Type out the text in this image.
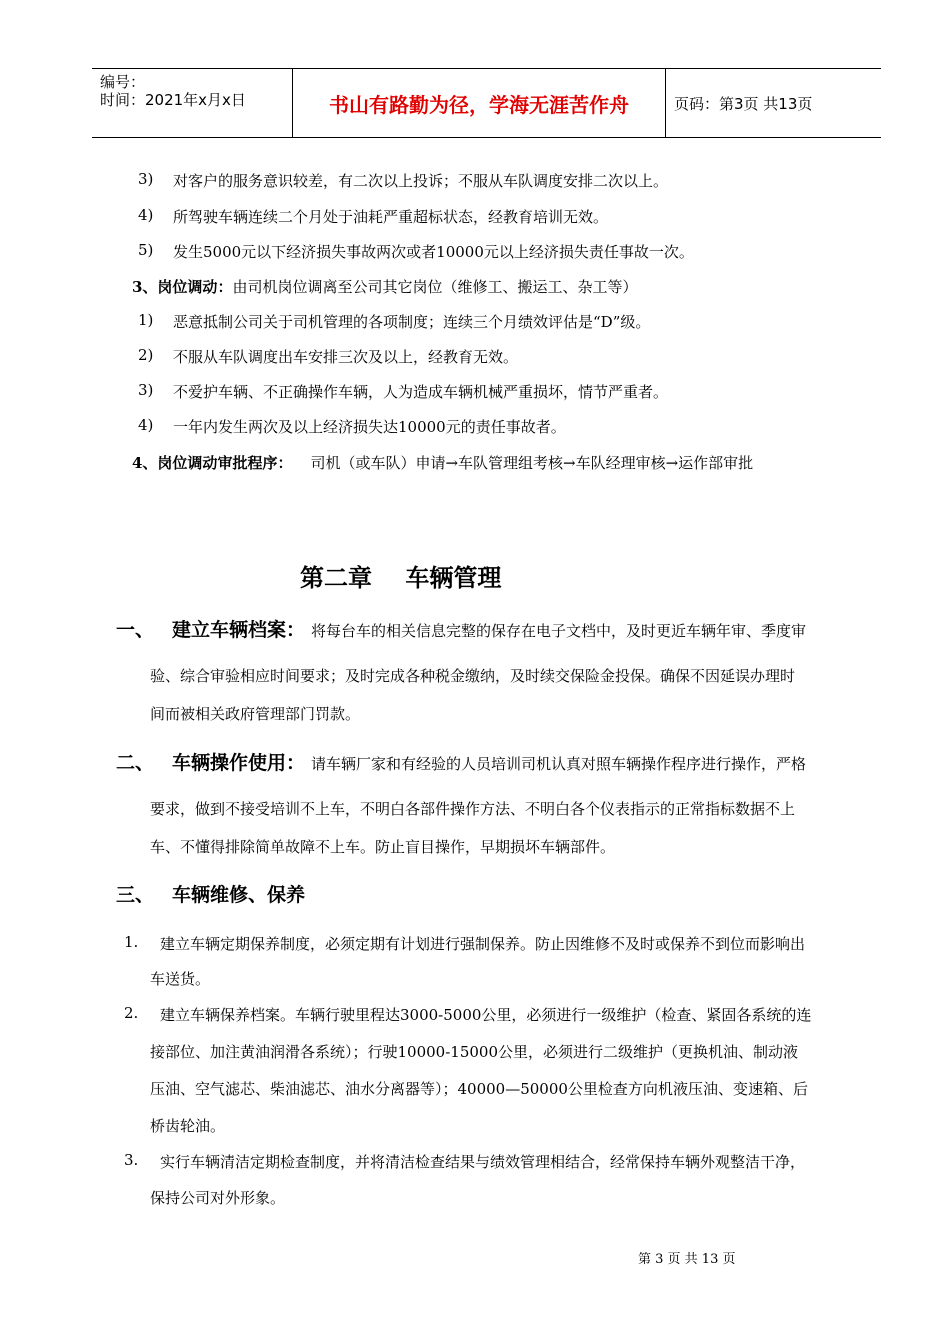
编号：
时间：2021年x月x日	书山有路勤为径，学海无涯苦作舟	页码：第3页 共13页
3) 对客户的服务意识较差，有二次以上投诉；不服从车队调度安排二次以上。
4) 所驾驶车辆连续二个月处于油耗严重超标状态，经教育培训无效。
5) 发生5000元以下经济损失事故两次或者10000元以上经济损失责任事故一次。
3、岗位调动：由司机岗位调离至公司其它岗位（维修工、搬运工、杂工等）
1) 恶意抵制公司关于司机管理的各项制度；连续三个月绩效评估是“D”级。
2) 不服从车队调度出车安排三次及以上，经教育无效。
3) 不爱护车辆、不正确操作车辆，人为造成车辆机械严重损坏，情节严重者。
4) 一年内发生两次及以上经济损失达10000元的责任事故者。
4、岗位调动审批程序： 司机（或车队）申请→车队管理组考核→车队经理审核→运作部审批
第二章    车辆管理
一、 建立车辆档案： 将每台车的相关信息完整的保存在电子文档中，及时更近车辆年审、季度审
验、综合审验相应时间要求；及时完成各种税金缴纳，及时续交保险金投保。确保不因延误办理时
间而被相关政府管理部门罚款。
二、 车辆操作使用： 请车辆厂家和有经验的人员培训司机认真对照车辆操作程序进行操作，严格
要求，做到不接受培训不上车，不明白各部件操作方法、不明白各个仪表指示的正常指标数据不上
车、不懂得排除简单故障不上车。防止盲目操作，早期损坏车辆部件。
三、 车辆维修、保养
1. 建立车辆定期保养制度，必须定期有计划进行强制保养。防止因维修不及时或保养不到位而影响出
车送货。
2. 建立车辆保养档案。车辆行驶里程达3000-5000公里，必须进行一级维护（检查、紧固各系统的连
接部位、加注黄油润滑各系统）；行驶10000-15000公里，必须进行二级维护（更换机油、制动液
压油、空气滤芯、柴油滤芯、油水分离器等）；40000—50000公里检查方向机液压油、变速箱、后
桥齿轮油。
3. 实行车辆清洁定期检查制度，并将清洁检查结果与绩效管理相结合，经常保持车辆外观整洁干净，
保持公司对外形象。
第 3 页 共 13 页
